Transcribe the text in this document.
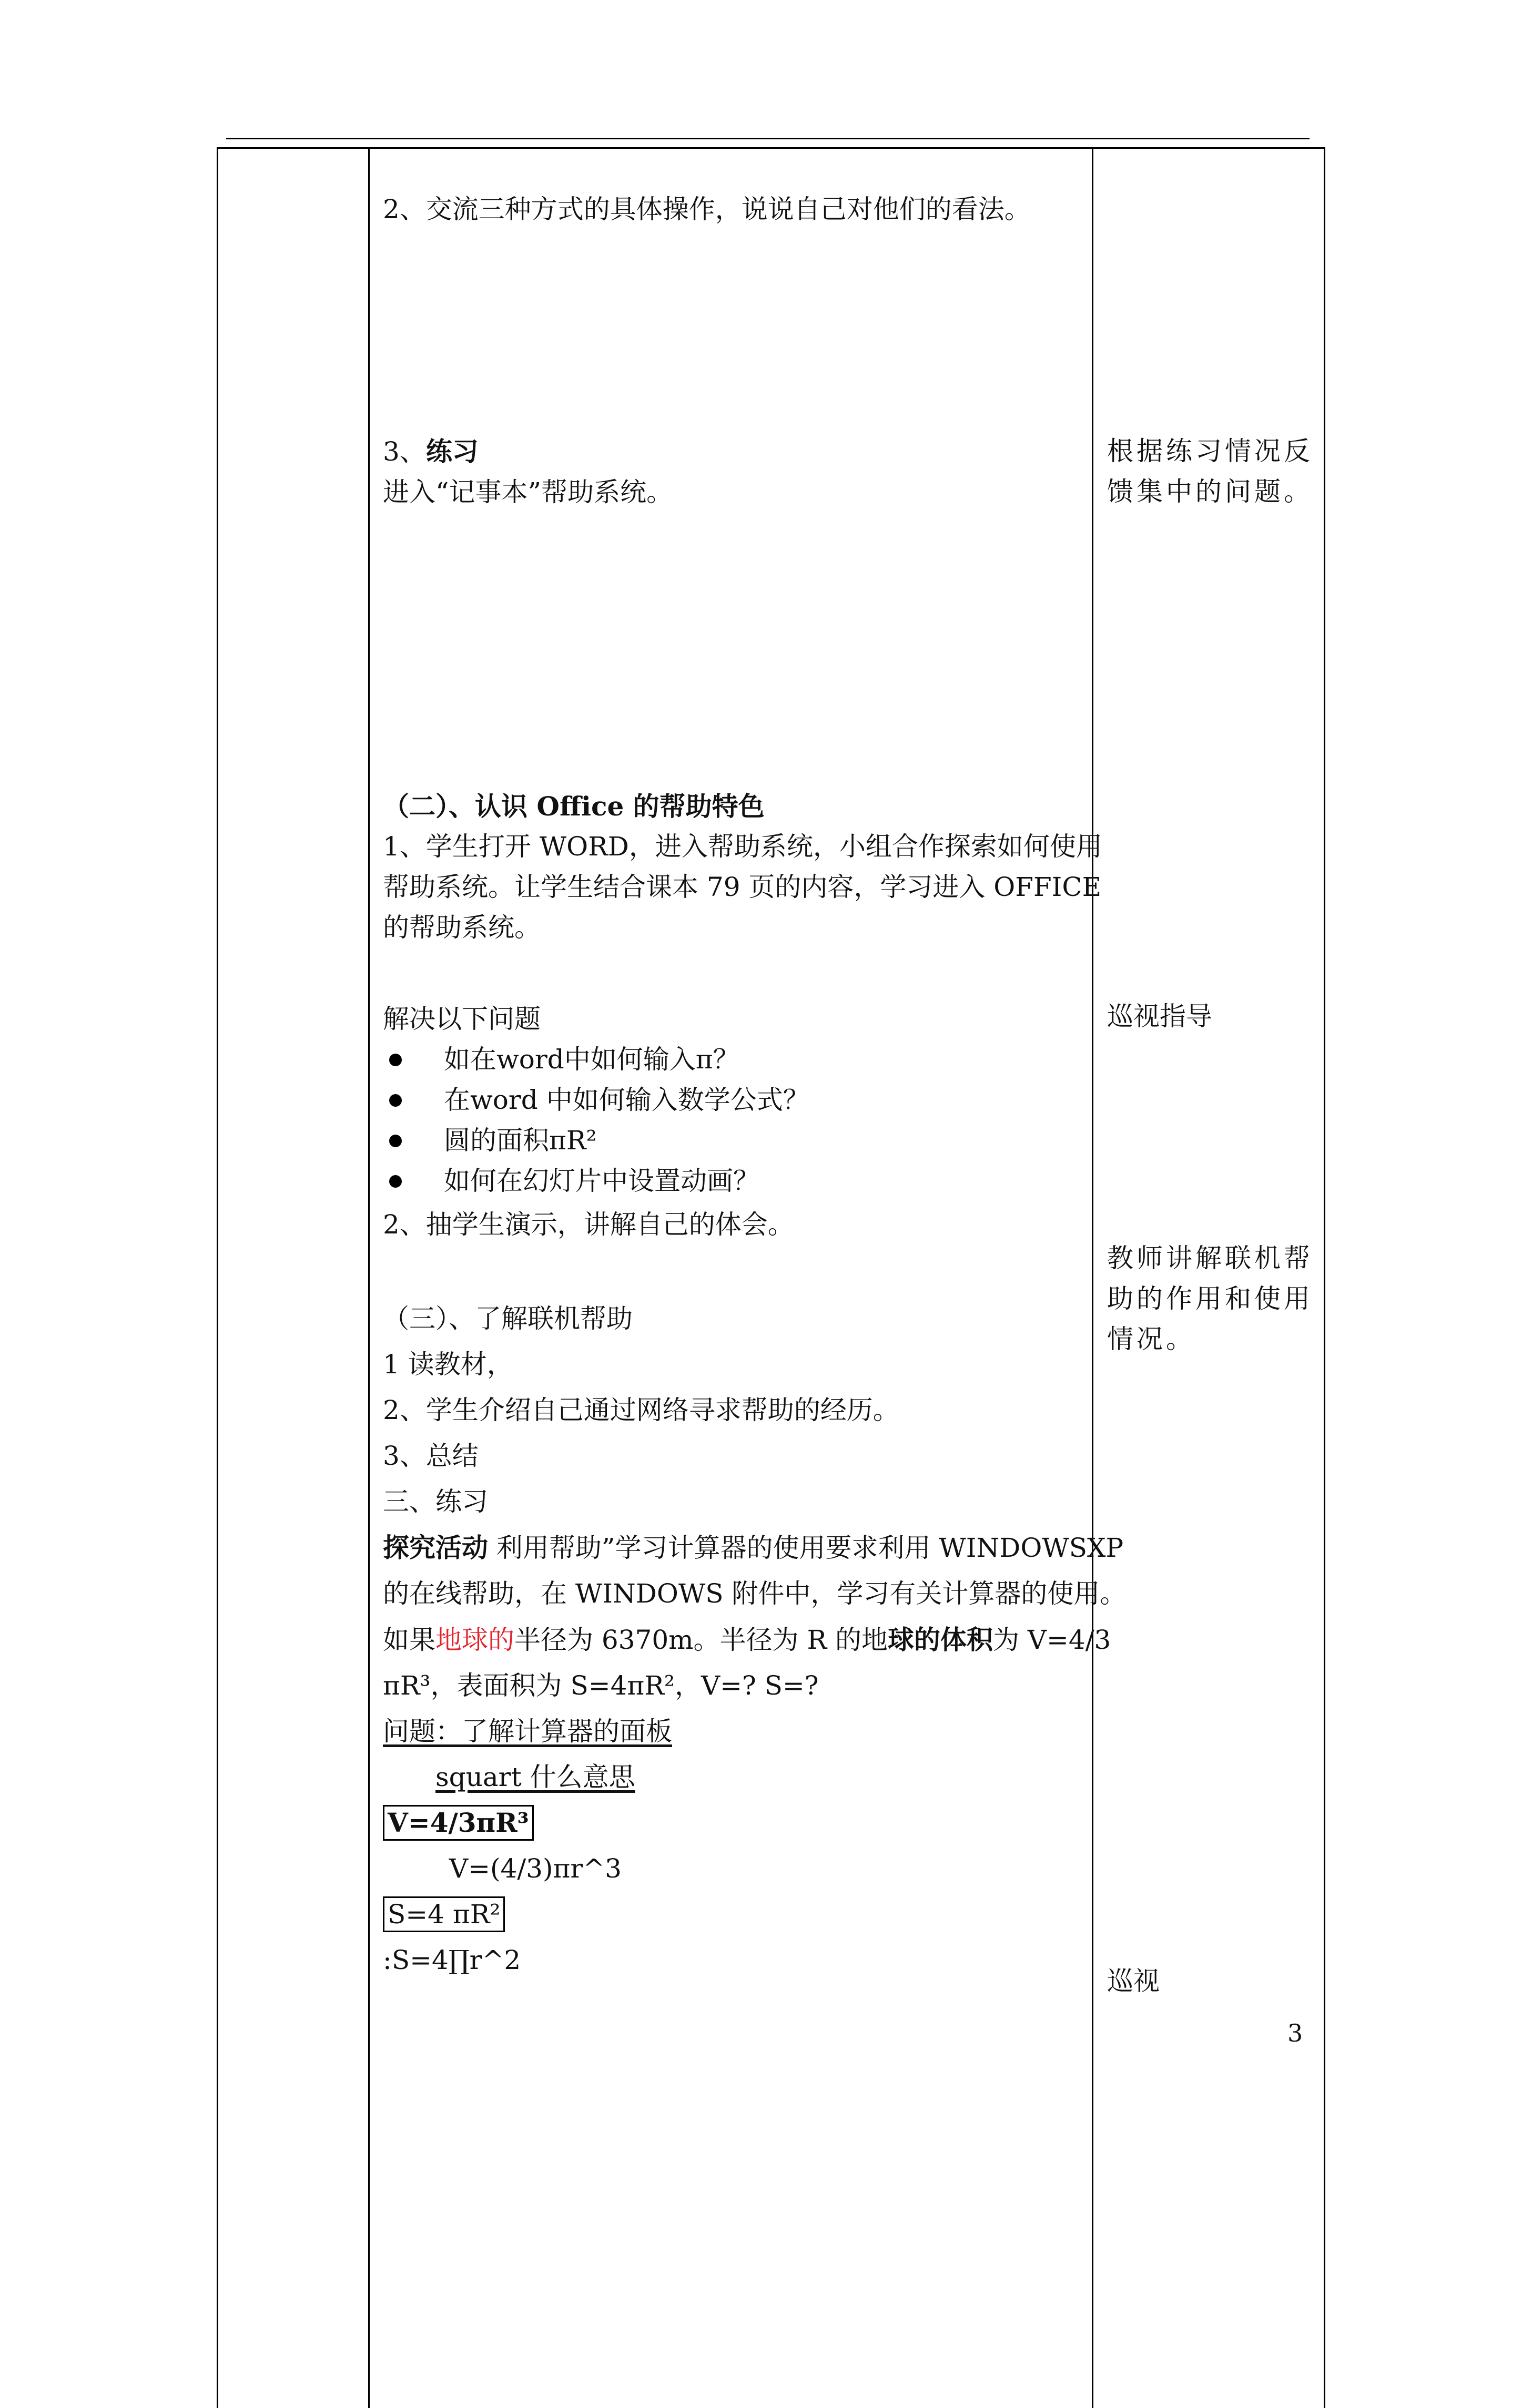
2、交流三种方式的具体操作，说说自己对他们的看法。

3、练习

进入“记事本”帮助系统。

（二）、认识 Office 的帮助特色

1、学生打开 WORD，进入帮助系统，小组合作探索如何使用

帮助系统。让学生结合课本 79 页的内容，学习进入 OFFICE

的帮助系统。

解决以下问题

如在word中如何输入π？

在word 中如何输入数学公式？

圆的面积πR²

如何在幻灯片中设置动画？

2、抽学生演示，讲解自己的体会。

（三）、了解联机帮助

1 读教材，

2、学生介绍自己通过网络寻求帮助的经历。

3、总结

三、练习

探究活动 利用帮助”学习计算器的使用要求利用 WINDOWSXP

的在线帮助，在 WINDOWS 附件中，学习有关计算器的使用。

如果地球的半径为 6370m。半径为 R 的地球的体积为 V=4/3

πR³，表面积为 S=4πR²，V=? S=?

问题：了解计算器的面板

squart 什么意思

V=4/3πR³

V=(4/3)πr^3

S=4 πR²

:S=4∏r^2

根据练习情况反

馈集中的问题。

巡视指导

教师讲解联机帮

助的作用和使用

情况。

巡视

3
